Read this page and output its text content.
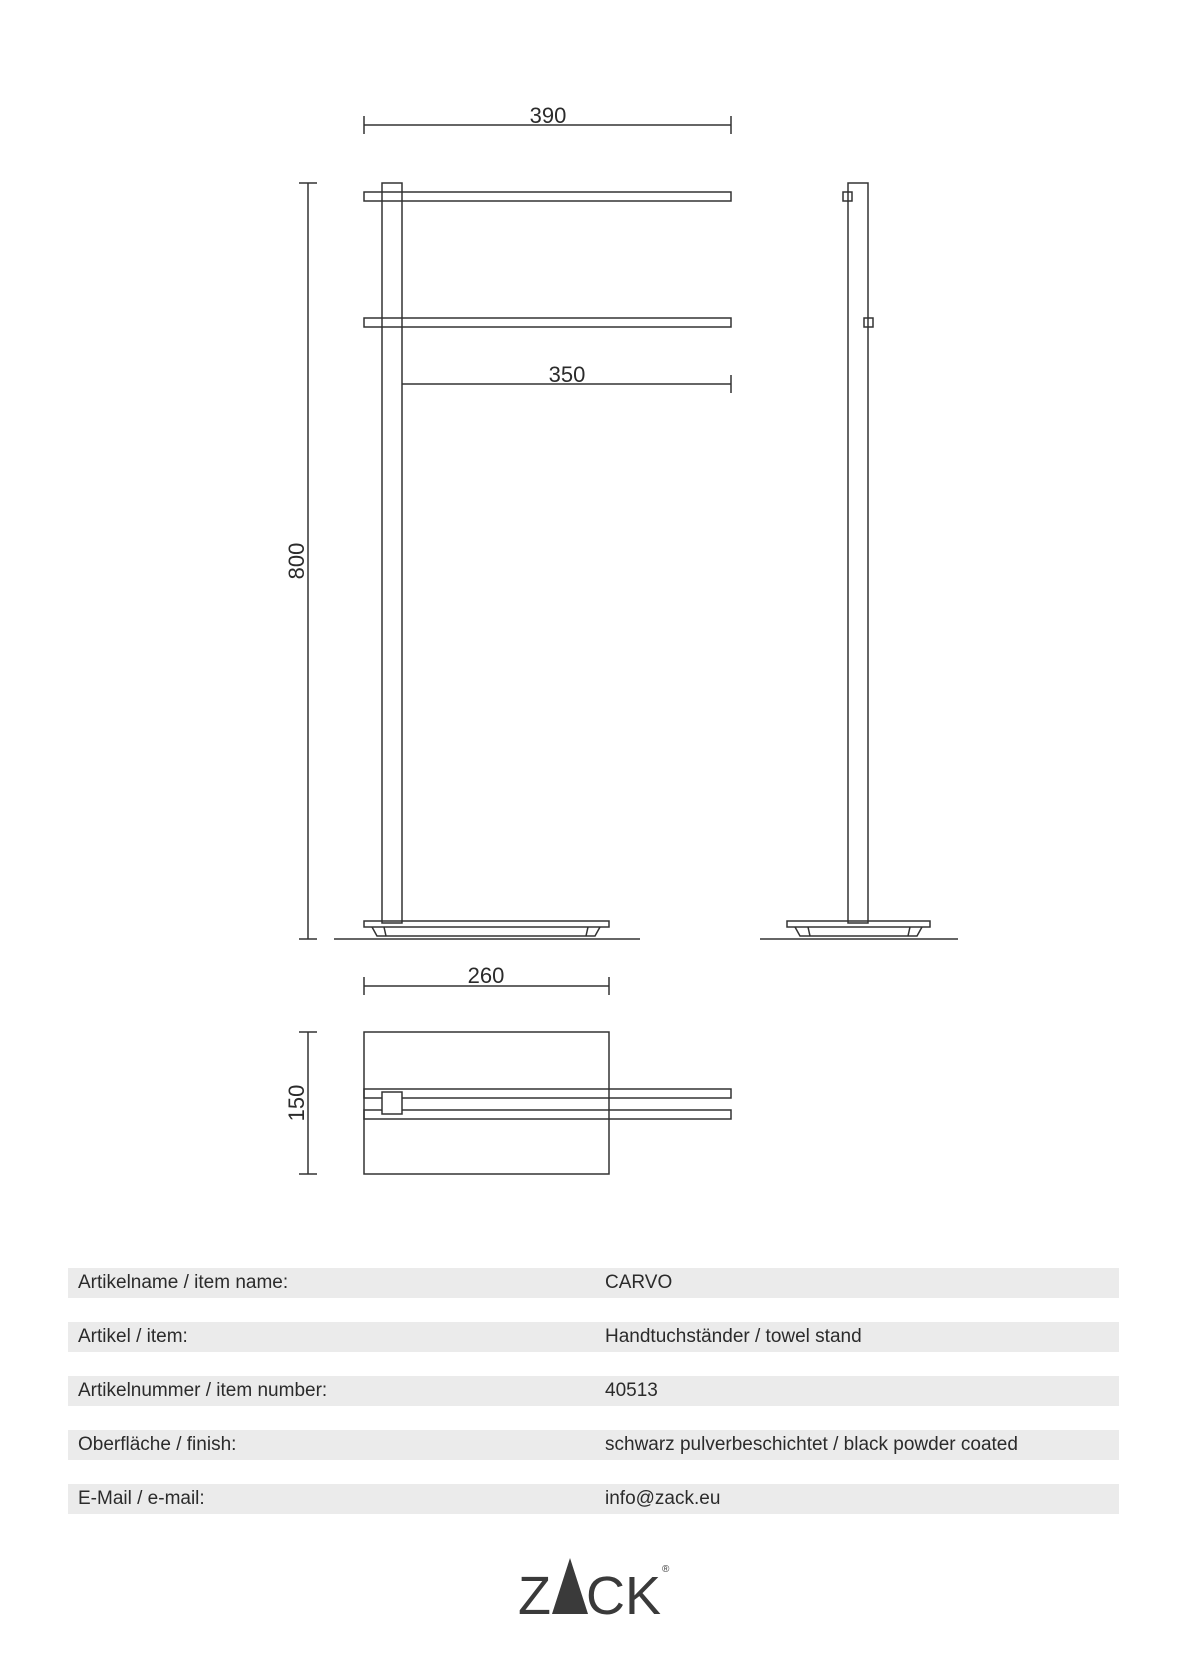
390
350
800
260
150
Artikelname / item name:	CARVO
Artikel / item:	Handtuchständer / towel stand
Artikelnummer / item number:	40513
Oberfläche / finish:	schwarz pulverbeschichtet / black powder coated
E-Mail / e-mail:	info@zack.eu
Z CK ®
